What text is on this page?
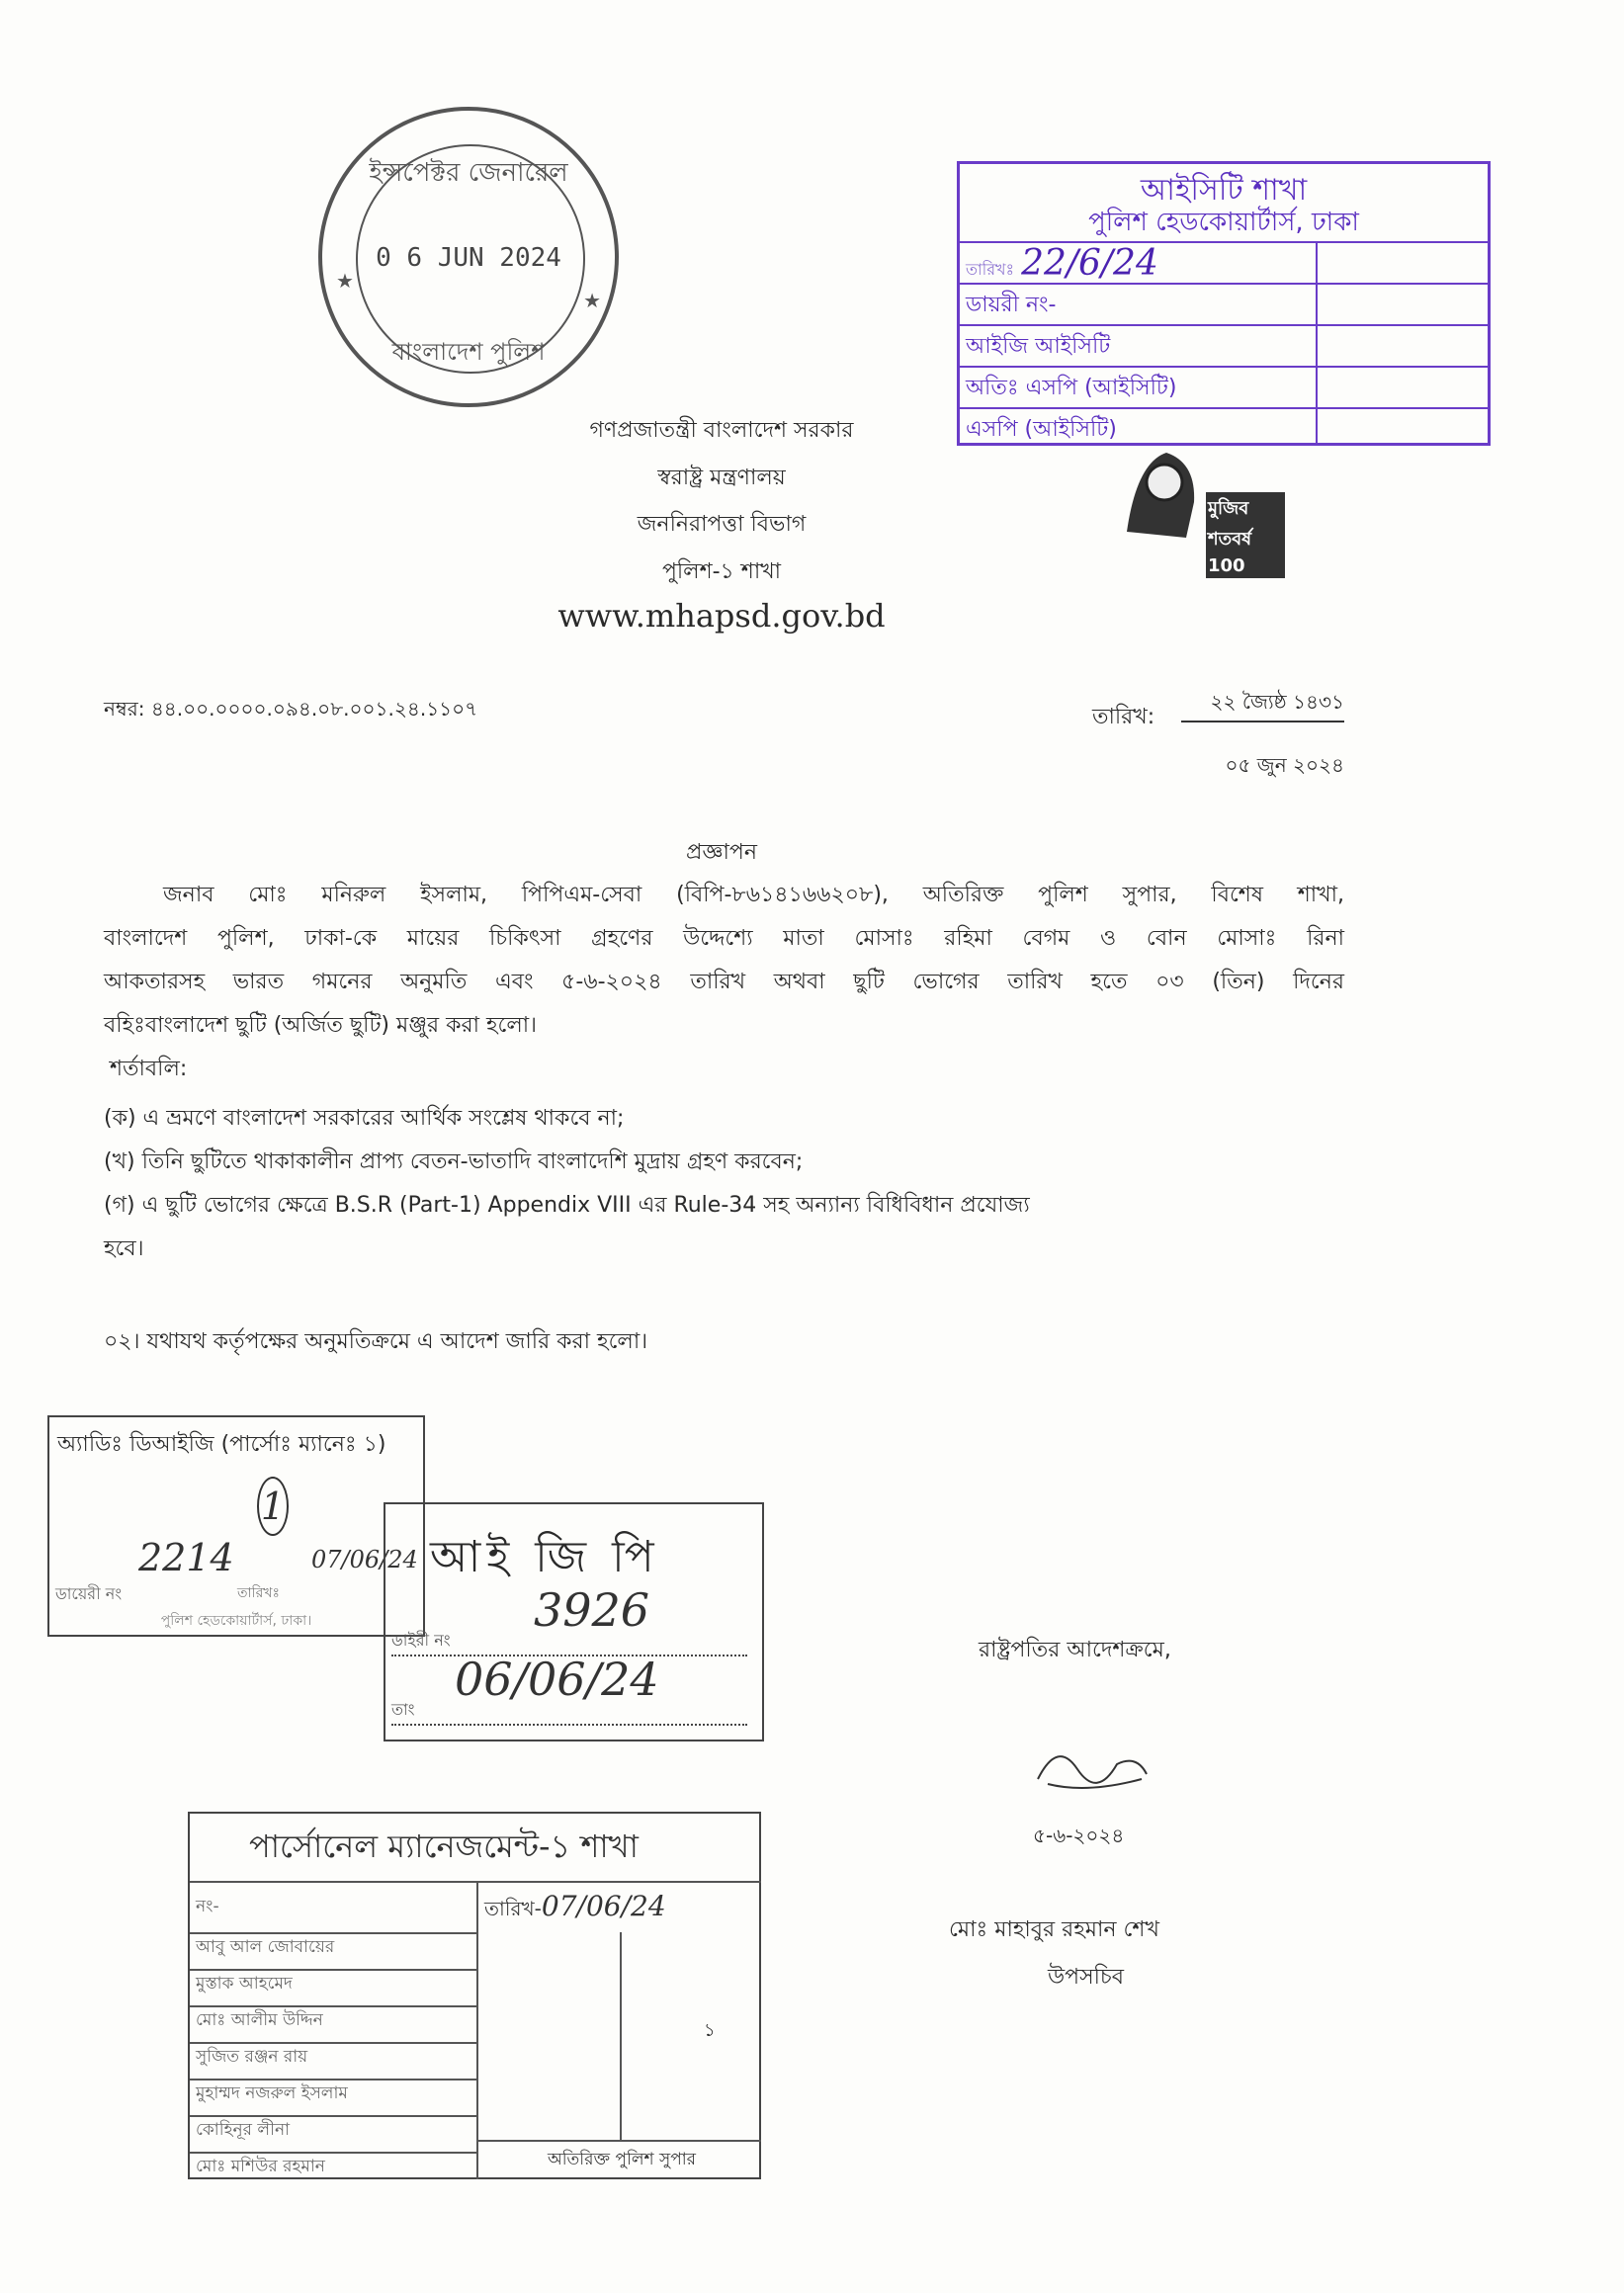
ইন্সপেক্টর জেনারেল
0 6 JUN 2024
★
★
বাংলাদেশ পুলিশ
আইসিটি শাখা
পুলিশ হেডকোয়ার্টার্স, ঢাকা
তারিখঃ 22/6/24
ডায়রী নং-
আইজি আইসিটি
অতিঃ এসপি (আইসিটি)
এসপি (আইসিটি)
মুজিব শতবর্ষ 100
গণপ্রজাতন্ত্রী বাংলাদেশ সরকার
স্বরাষ্ট্র মন্ত্রণালয়
জননিরাপত্তা বিভাগ
পুলিশ-১ শাখা
www.mhapsd.gov.bd
নম্বর: ৪৪.০০.০০০০.০৯৪.০৮.০০১.২৪.১১০৭	তারিখ:
২২ জ্যৈষ্ঠ ১৪৩১
০৫ জুন ২০২৪
প্রজ্ঞাপন
জনাব মোঃ মনিরুল ইসলাম, পিপিএম-সেবা (বিপি-৮৬১৪১৬৬২০৮), অতিরিক্ত পুলিশ সুপার, বিশেষ শাখা,
বাংলাদেশ পুলিশ, ঢাকা-কে মায়ের চিকিৎসা গ্রহণের উদ্দেশ্যে মাতা মোসাঃ রহিমা বেগম ও বোন মোসাঃ রিনা
আকতারসহ ভারত গমনের অনুমতি এবং ৫-৬-২০২৪ তারিখ অথবা ছুটি ভোগের তারিখ হতে ০৩ (তিন) দিনের
বহিঃবাংলাদেশ ছুটি (অর্জিত ছুটি) মঞ্জুর করা হলো।
শর্তাবলি:
(ক) এ ভ্রমণে বাংলাদেশ সরকারের আর্থিক সংশ্লেষ থাকবে না;
(খ) তিনি ছুটিতে থাকাকালীন প্রাপ্য বেতন-ভাতাদি বাংলাদেশি মুদ্রায় গ্রহণ করবেন;
(গ) এ ছুটি ভোগের ক্ষেত্রে B.S.R (Part-1) Appendix VIII এর Rule-34 সহ অন্যান্য বিধিবিধান প্রযোজ্য
হবে।
০২। যথাযথ কর্তৃপক্ষের অনুমতিক্রমে এ আদেশ জারি করা হলো।
অ্যাডিঃ ডিআইজি (পার্সোঃ ম্যানেঃ ১)
1
2214	07/06/24
ডায়েরী নং	তারিখঃ
পুলিশ হেডকোয়ার্টার্স, ঢাকা।
আই জি পি
ডাইরী নং
3926
তাং
06/06/24
রাষ্ট্রপতির আদেশক্রমে,
৫-৬-২০২৪
মোঃ মাহাবুর রহমান শেখ
উপসচিব
পার্সোনেল ম্যানেজমেন্ট-১ শাখা
নং-	তারিখ-07/06/24
আবু আল জোবায়ের
মুস্তাক আহমেদ
মোঃ আলীম উদ্দিন
সুজিত রঞ্জন রায়
মুহাম্মদ নজরুল ইসলাম
কোহিনূর লীনা
মোঃ মশিউর রহমান
১
অতিরিক্ত পুলিশ সুপার
